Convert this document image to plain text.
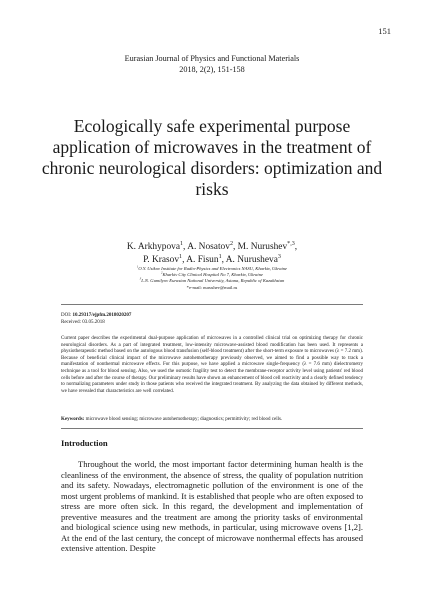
151
Eurasian Journal of Physics and Functional Materials
2018, 2(2), 151-158
Ecologically safe experimental purpose application of microwaves in the treatment of chronic neurological disorders: optimization and risks
K. Arkhypova$^1$, A. Nosatov$^2$, M. Nurushev$^{*,3}$,
P. Krasov$^1$, A. Fisun$^1$, A. Nurusheva$^3$
$^1$O.Y. Usikov Institute for Radio-Physics and Electronics NASU, Kharkiv, Ukraine
$^2$Kharkiv City Clinical Hospital No 7, Kharkiv, Ukraine
$^3$L.N. Gumilyov Eurasian National University, Astana, Republic of Kazakhstan
*e-mail: nurushev@mail.ru
DOI: 10.29317/ejpfm.2018020207
Received: 03.05.2018
Current paper describes the experimental dual-purpose application of microwaves in a controlled clinical trial on optimizing therapy for chronic neurological disorders. As a part of integrated treatment, low-intensity microwave-assisted blood modification has been used. It represents a physiotherapeutic method based on the autologous blood transfusion (self-blood treatment) after the short-term exposure to microwaves (λ = 7.2 mm). Because of beneficial clinical impact of the microwave autohemotherapy previously observed, we aimed to find a possible way to track a manifestation of nonthermal microwave effects. For this purpose, we have applied a microwave single-frequency (λ = 7.6 mm) dielectrometry technique as a tool for blood sensing. Also, we used the osmotic fragility test to detect the membrane-receptor activity level using patients' red blood cells before and after the course of therapy. Our preliminary results have shown an enhancement of blood cell reactivity and a clearly defined tendency to normalizing parameters under study in those patients who received the integrated treatment. By analyzing the data obtained by different methods, we have revealed that characteristics are well correlated.
Keywords: microwave blood sensing; microwave autohemotherapy; diagnostics; permittivity; red blood cells.
Introduction
Throughout the world, the most important factor determining human health is the cleanliness of the environment, the absence of stress, the quality of population nutrition and its safety. Nowadays, electromagnetic pollution of the environment is one of the most urgent problems of mankind. It is established that people who are often exposed to stress are more often sick. In this regard, the development and implementation of preventive measures and the treatment are among the priority tasks of environmental and biological science using new methods, in particular, using microwave ovens [1,2]. At the end of the last century, the concept of microwave nonthermal effects has aroused extensive attention. Despite
